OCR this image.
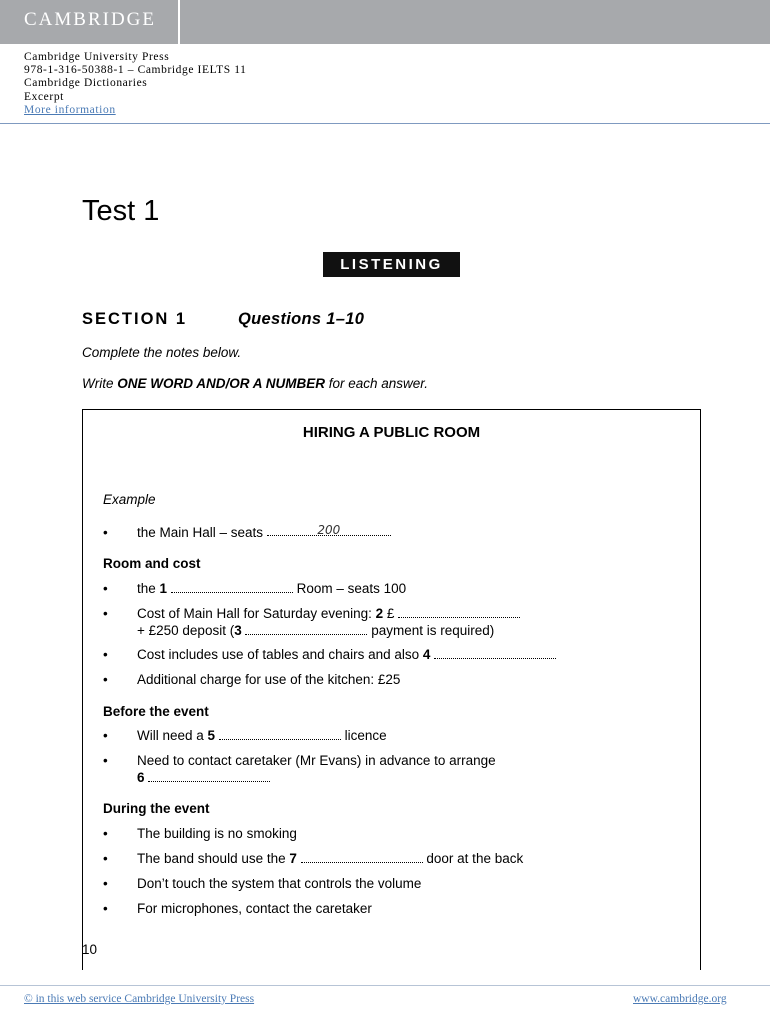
CAMBRIDGE
Cambridge University Press
978-1-316-50388-1 – Cambridge IELTS 11
Cambridge Dictionaries
Excerpt
More information
Test 1
LISTENING
SECTION 1	Questions 1–10
Complete the notes below.
Write ONE WORD AND/OR A NUMBER for each answer.
HIRING A PUBLIC ROOM
Example
• the Main Hall – seats	200
Room and cost
• the 1	Room – seats 100
• Cost of Main Hall for Saturday evening: 2 £
+ £250 deposit (3	payment is required)
• Cost includes use of tables and chairs and also 4
• Additional charge for use of the kitchen: £25
Before the event
• Will need a 5	licence
• Need to contact caretaker (Mr Evans) in advance to arrange
6
During the event
• The building is no smoking
• The band should use the 7	door at the back
• Don’t touch the system that controls the volume
• For microphones, contact the caretaker
10
© in this web service Cambridge University Press	www.cambridge.org
